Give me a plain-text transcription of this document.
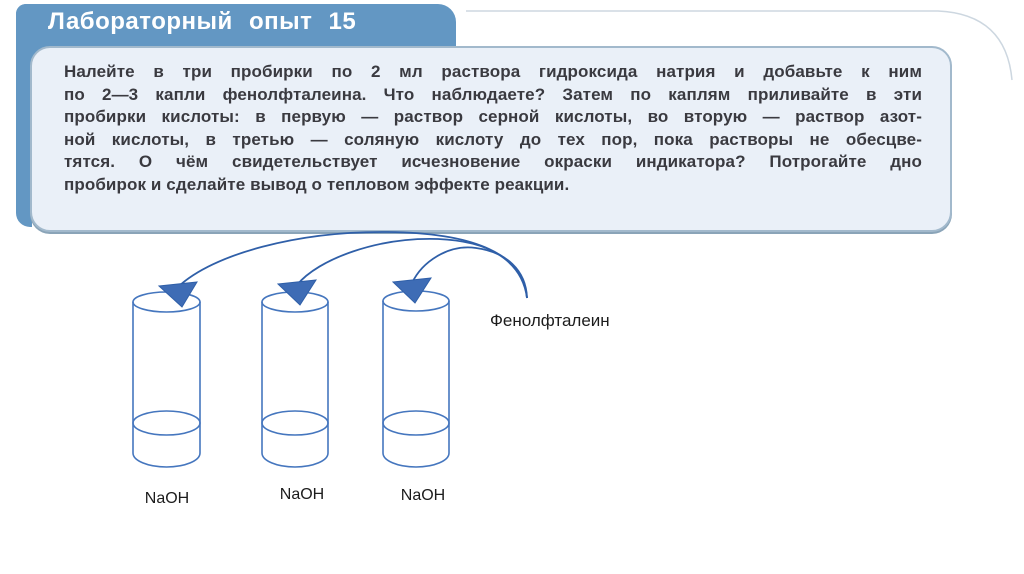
Лабораторный опыт 15
Налейте в три пробирки по 2 мл раствора гидроксида натрия и добавьте к ним
по 2—3 капли фенолфталеина. Что наблюдаете? Затем по каплям приливайте в эти
пробирки кислоты: в первую — раствор серной кислоты, во вторую — раствор азот-
ной кислоты, в третью — соляную кислоту до тех пор, пока растворы не обесцве-
тятся. О чём свидетельствует исчезновение окраски индикатора? Потрогайте дно
пробирок и сделайте вывод о тепловом эффекте реакции.
Фенолфталеин
NaOH	NaOH	NaOH
